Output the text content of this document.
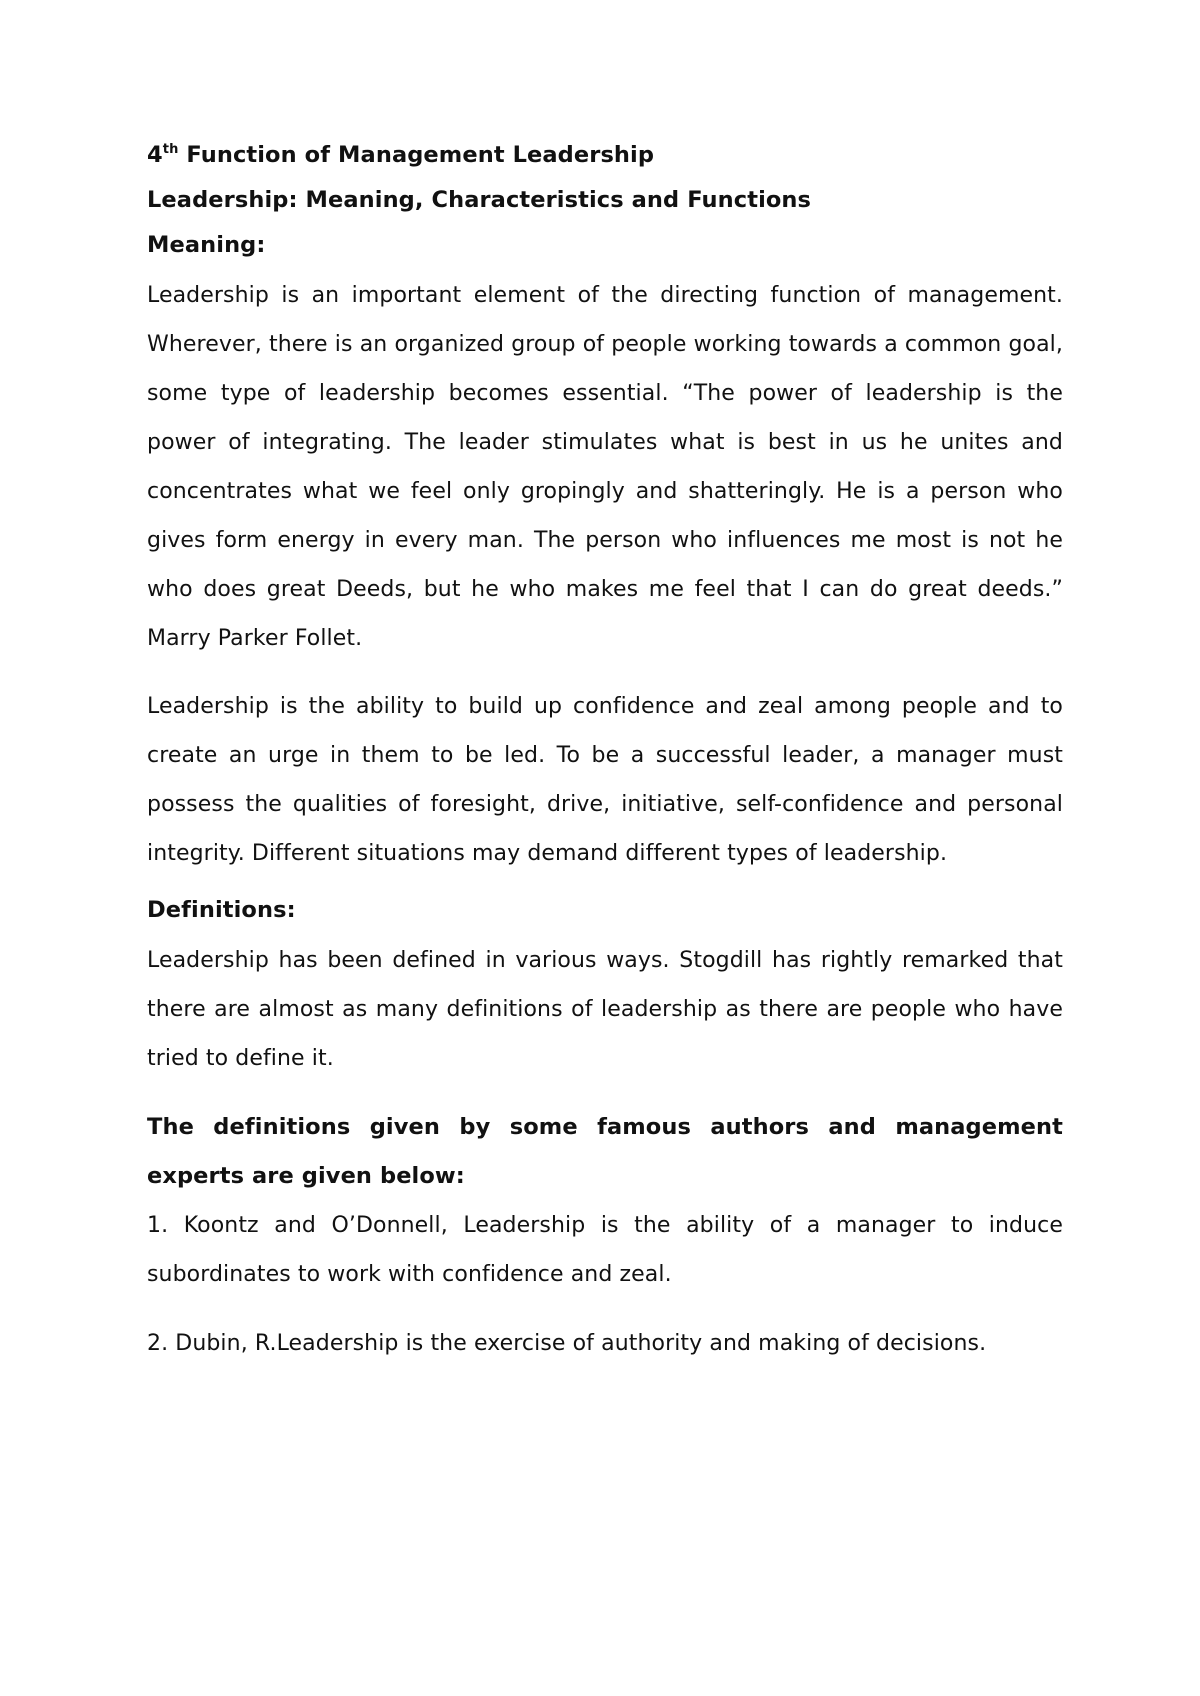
4th Function of Management Leadership
Leadership: Meaning, Characteristics and Functions
Meaning:

Leadership is an important element of the directing function of management. Wherever, there is an organized group of people working towards a common goal, some type of leadership becomes essential. “The power of leadership is the power of integrating. The leader stimulates what is best in us he unites and concentrates what we feel only gropingly and shatteringly. He is a person who gives form energy in every man. The person who influences me most is not he who does great Deeds, but he who makes me feel that I can do great deeds.” Marry Parker Follet.

Leadership is the ability to build up confidence and zeal among people and to create an urge in them to be led. To be a successful leader, a manager must possess the qualities of foresight, drive, initiative, self-confidence and personal integrity. Different situations may demand different types of leadership.

Definitions:

Leadership has been defined in various ways. Stogdill has rightly remarked that there are almost as many definitions of leadership as there are people who have tried to define it.

The definitions given by some famous authors and management experts are given below:

1. Koontz and O’Donnell, Leadership is the ability of a manager to induce subordinates to work with confidence and zeal.

2. Dubin, R.Leadership is the exercise of authority and making of decisions.
